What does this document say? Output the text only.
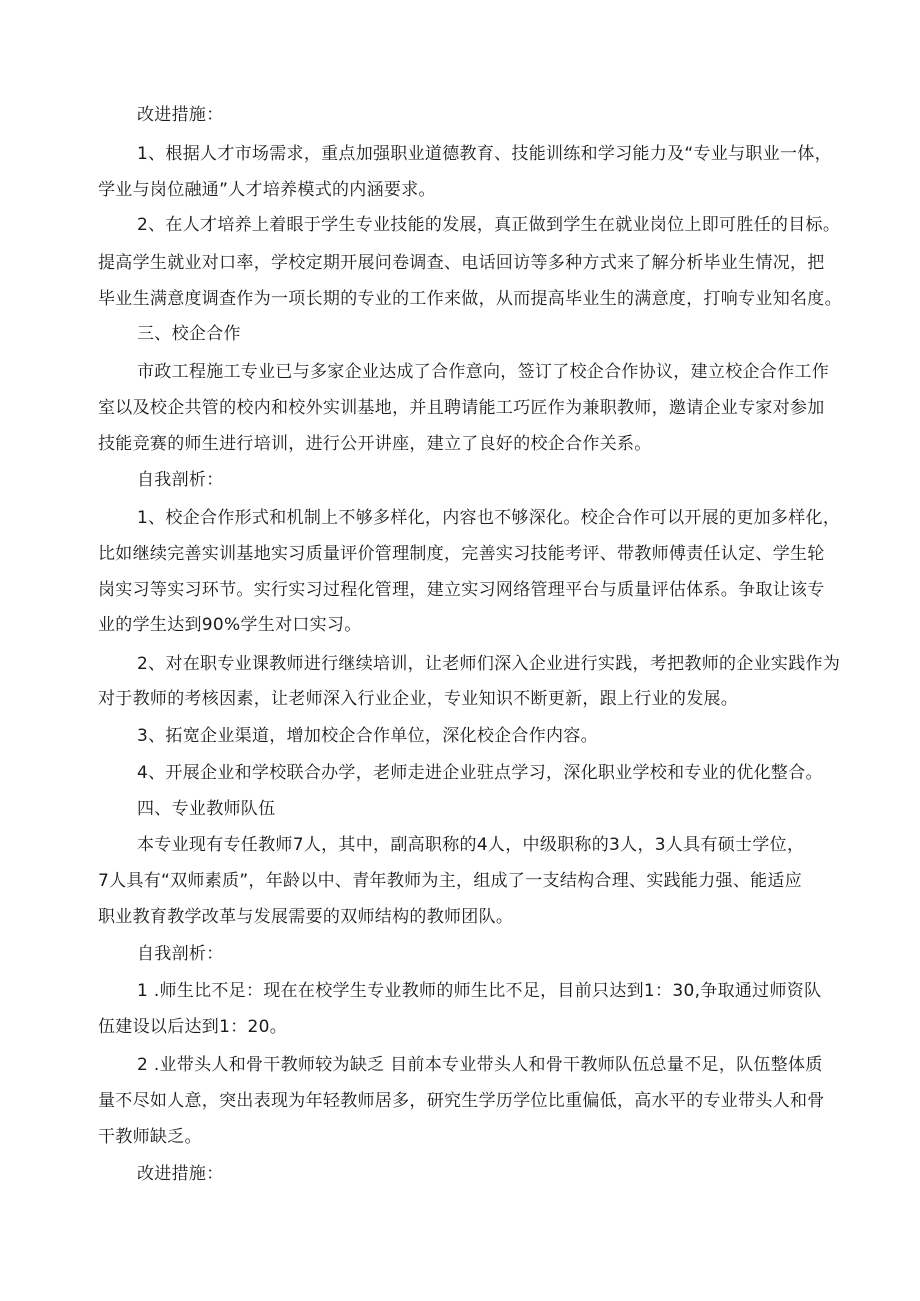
改进措施：
1、根据人才市场需求，重点加强职业道德教育、技能训练和学习能力及“专业与职业一体，
学业与岗位融通”人才培养模式的内涵要求。
2、在人才培养上着眼于学生专业技能的发展，真正做到学生在就业岗位上即可胜任的目标。
提高学生就业对口率，学校定期开展问卷调查、电话回访等多种方式来了解分析毕业生情况，把
毕业生满意度调查作为一项长期的专业的工作来做，从而提高毕业生的满意度，打响专业知名度。
三、校企合作
市政工程施工专业已与多家企业达成了合作意向，签订了校企合作协议，建立校企合作工作
室以及校企共管的校内和校外实训基地，并且聘请能工巧匠作为兼职教师，邀请企业专家对参加
技能竞赛的师生进行培训，进行公开讲座，建立了良好的校企合作关系。
自我剖析：
1、校企合作形式和机制上不够多样化，内容也不够深化。校企合作可以开展的更加多样化，
比如继续完善实训基地实习质量评价管理制度，完善实习技能考评、带教师傅责任认定、学生轮
岗实习等实习环节。实行实习过程化管理，建立实习网络管理平台与质量评估体系。争取让该专
业的学生达到90%学生对口实习。
2、对在职专业课教师进行继续培训，让老师们深入企业进行实践，考把教师的企业实践作为
对于教师的考核因素，让老师深入行业企业，专业知识不断更新，跟上行业的发展。
3、拓宽企业渠道，增加校企合作单位，深化校企合作内容。
4、开展企业和学校联合办学，老师走进企业驻点学习，深化职业学校和专业的优化整合。
四、专业教师队伍
本专业现有专任教师7人，其中，副高职称的4人，中级职称的3人，3人具有硕士学位，
7人具有“双师素质”，年龄以中、青年教师为主，组成了一支结构合理、实践能力强、能适应
职业教育教学改革与发展需要的双师结构的教师团队。
自我剖析：
1 .师生比不足：现在在校学生专业教师的师生比不足，目前只达到1：30,争取通过师资队
伍建设以后达到1：20。
2 .业带头人和骨干教师较为缺乏 目前本专业带头人和骨干教师队伍总量不足，队伍整体质
量不尽如人意，突出表现为年轻教师居多，研究生学历学位比重偏低，高水平的专业带头人和骨
干教师缺乏。
改进措施：
